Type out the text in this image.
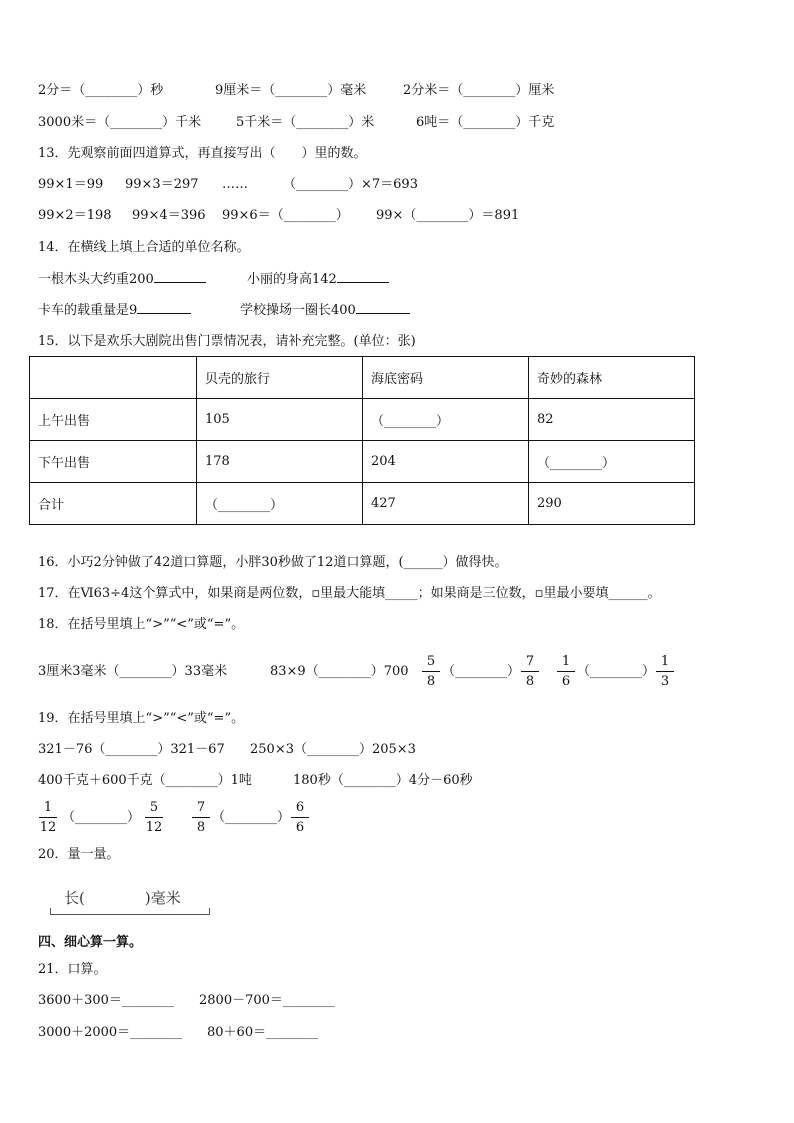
2分＝（________）秒	9厘米＝（________）毫米	2分米＝（________）厘米
3000米＝（________）千米	5千米＝（________）米	6吨＝（________）千克
13．先观察前面四道算式，再直接写出（　　）里的数。
99×1＝99 99×3＝297 ……	（________）×7＝693
99×2＝198 99×4＝396 99×6＝（________） 99×（________）＝891
14．在横线上填上合适的单位名称。
一根木头大约重200	小丽的身高142
卡车的载重量是9	学校操场一圈长400
15．以下是欢乐大剧院出售门票情况表，请补充完整。(单位：张)
	贝壳的旅行	海底密码	奇妙的森林
上午出售	105	（________）	82
下午出售	178	204	（________）
合计	（________）	427	290
16．小巧2分钟做了42道口算题，小胖30秒做了12道口算题，(______）做得快。
17．在Ⅵ63÷4这个算式中，如果商是两位数，▫里最大能填_____；如果商是三位数，▫里最小要填______。
18．在括号里填上“>”“<”或“=”。
3厘米3毫米（________）33毫米	83×9（________）700
5
8
（________）
7
8
1
6
（________）
1
3
19．在括号里填上“>”“<”或“=”。
321－76（________）321－67 250×3（________）205×3
400千克＋600千克（________）1吨	180秒（________）4分－60秒
1
12
（________）
5
12
7
8
（________）
6
6
20．量一量。
长(　　　　)毫米
四、细心算一算。
21．口算。
3600＋300＝________ 2800－700＝________
3000＋2000＝________ 80＋60＝________
